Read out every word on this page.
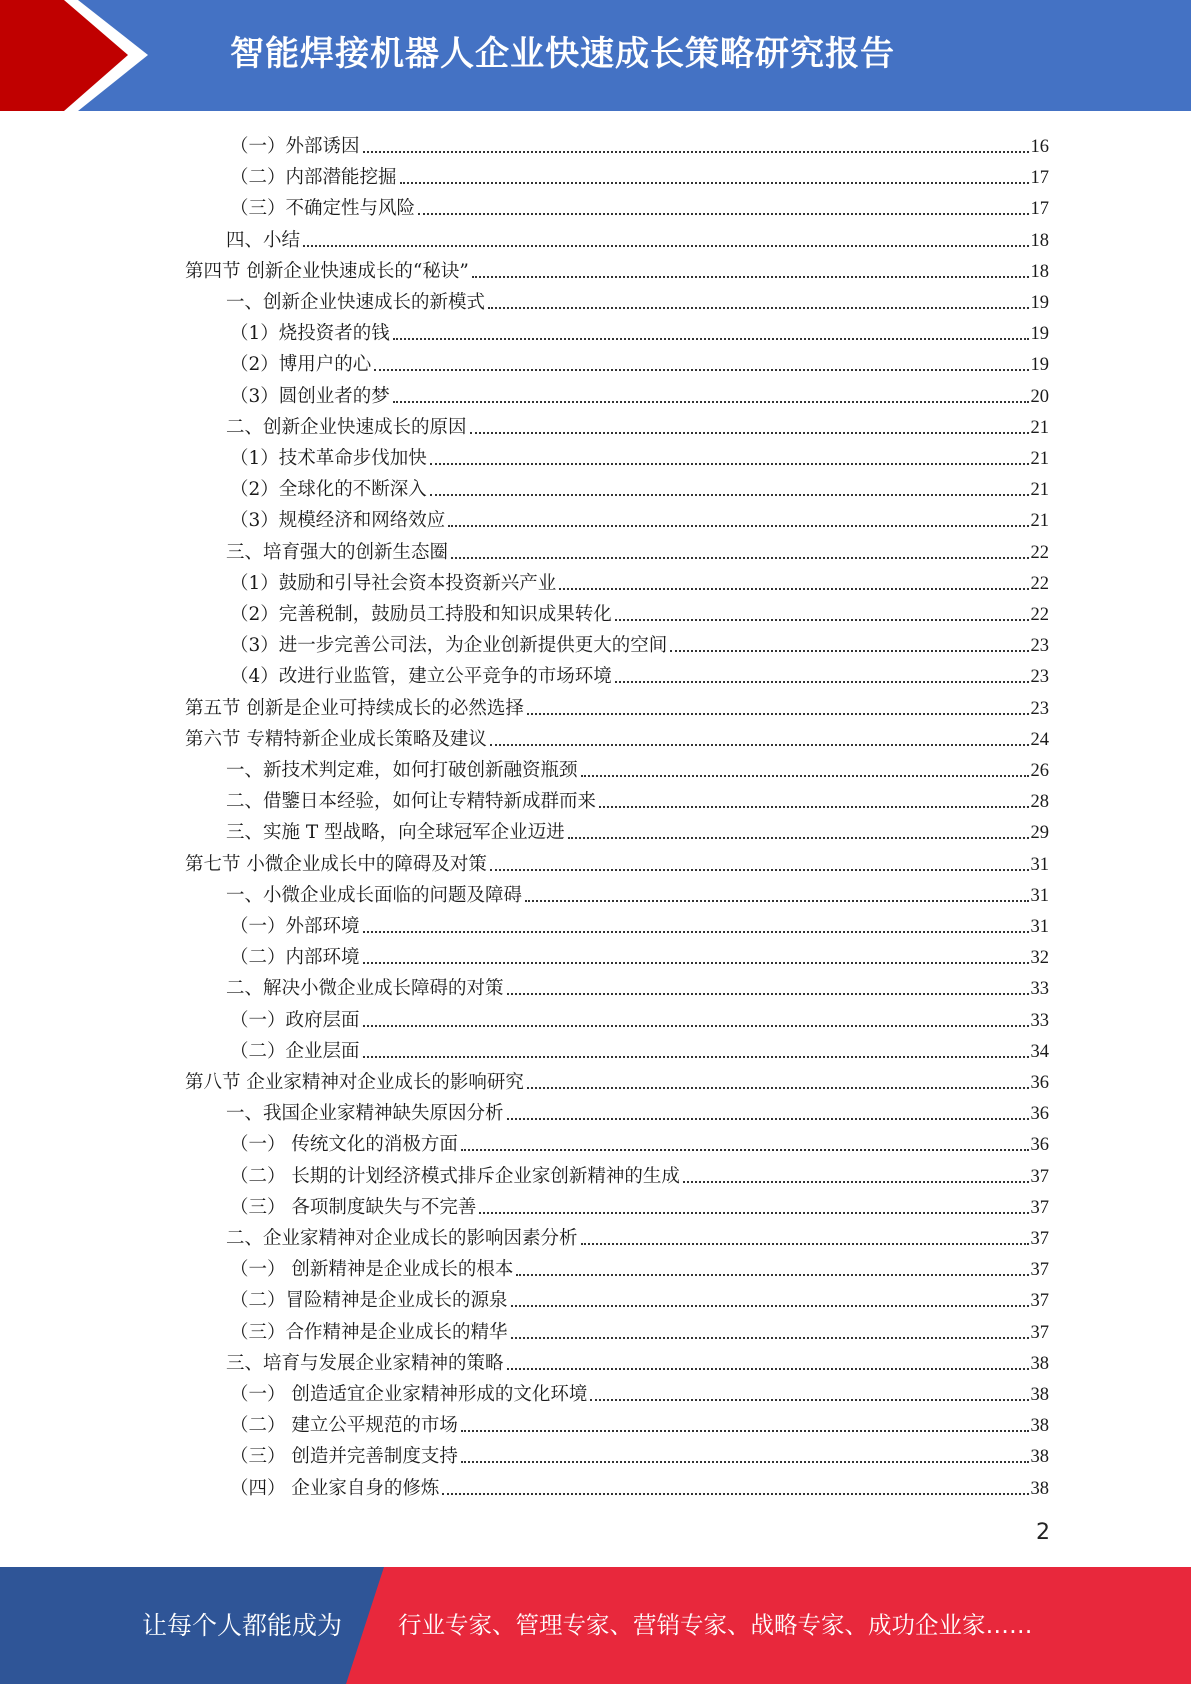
智能焊接机器人企业快速成长策略研究报告
（一）外部诱因	16
（二）内部潜能挖掘	17
（三）不确定性与风险	17
四、小结	18
第四节 创新企业快速成长的“秘诀”	18
一、创新企业快速成长的新模式	19
（1）烧投资者的钱	19
（2）博用户的心	19
（3）圆创业者的梦	20
二、创新企业快速成长的原因	21
（1）技术革命步伐加快	21
（2）全球化的不断深入	21
（3）规模经济和网络效应	21
三、培育强大的创新生态圈	22
（1）鼓励和引导社会资本投资新兴产业	22
（2）完善税制，鼓励员工持股和知识成果转化	22
（3）进一步完善公司法，为企业创新提供更大的空间	23
（4）改进行业监管，建立公平竞争的市场环境	23
第五节 创新是企业可持续成长的必然选择	23
第六节 专精特新企业成长策略及建议	24
一、新技术判定难，如何打破创新融资瓶颈	26
二、借鑒日本经验，如何让专精特新成群而来	28
三、实施 T 型战略，向全球冠军企业迈进	29
第七节 小微企业成长中的障碍及对策	31
一、小微企业成长面临的问题及障碍	31
（一）外部环境	31
（二）内部环境	32
二、解决小微企业成长障碍的对策	33
（一）政府层面	33
（二）企业层面	34
第八节 企业家精神对企业成长的影响研究	36
一、我国企业家精神缺失原因分析	36
（一） 传统文化的消极方面	36
（二） 长期的计划经济模式排斥企业家创新精神的生成	37
（三） 各项制度缺失与不完善	37
二、企业家精神对企业成长的影响因素分析	37
（一） 创新精神是企业成长的根本	37
（二）冒险精神是企业成长的源泉	37
（三）合作精神是企业成长的精华	37
三、培育与发展企业家精神的策略	38
（一） 创造适宜企业家精神形成的文化环境	38
（二） 建立公平规范的市场	38
（三） 创造并完善制度支持	38
（四） 企业家自身的修炼	38
2
让每个人都能成为 行业专家、管理专家、营销专家、战略专家、成功企业家……
